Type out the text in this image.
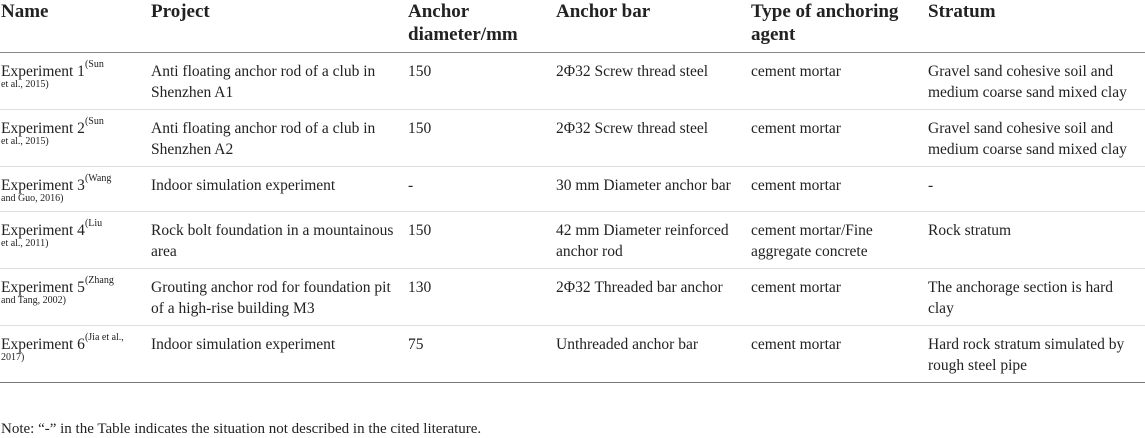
Name	Project	Anchor diameter/mm	Anchor bar	Type of anchoring agent	Stratum
Experiment 1$^{(Sun}$
et al., 2015)	Anti floating anchor rod of a club in Shenzhen A1	150	2Φ32 Screw thread steel	cement mortar	Gravel sand cohesive soil and medium coarse sand mixed clay
Experiment 2$^{(Sun}$
et al., 2015)	Anti floating anchor rod of a club in Shenzhen A2	150	2Φ32 Screw thread steel	cement mortar	Gravel sand cohesive soil and medium coarse sand mixed clay
Experiment 3$^{(Wang}$
and Guo, 2016)	Indoor simulation experiment	-	30 mm Diameter anchor bar	cement mortar	-
Experiment 4$^{(Liu}$
et al., 2011)	Rock bolt foundation in a mountainous area	150	42 mm Diameter reinforced anchor rod	cement mortar/Fine aggregate concrete	Rock stratum
Experiment 5$^{(Zhang}$
and Tang, 2002)	Grouting anchor rod for foundation pit of a high-rise building M3	130	2Φ32 Threaded bar anchor	cement mortar	The anchorage section is hard clay
Experiment 6$^{(Jia et al.,}$
2017)	Indoor simulation experiment	75	Unthreaded anchor bar	cement mortar	Hard rock stratum simulated by rough steel pipe
Note: “-” in the Table indicates the situation not described in the cited literature.
